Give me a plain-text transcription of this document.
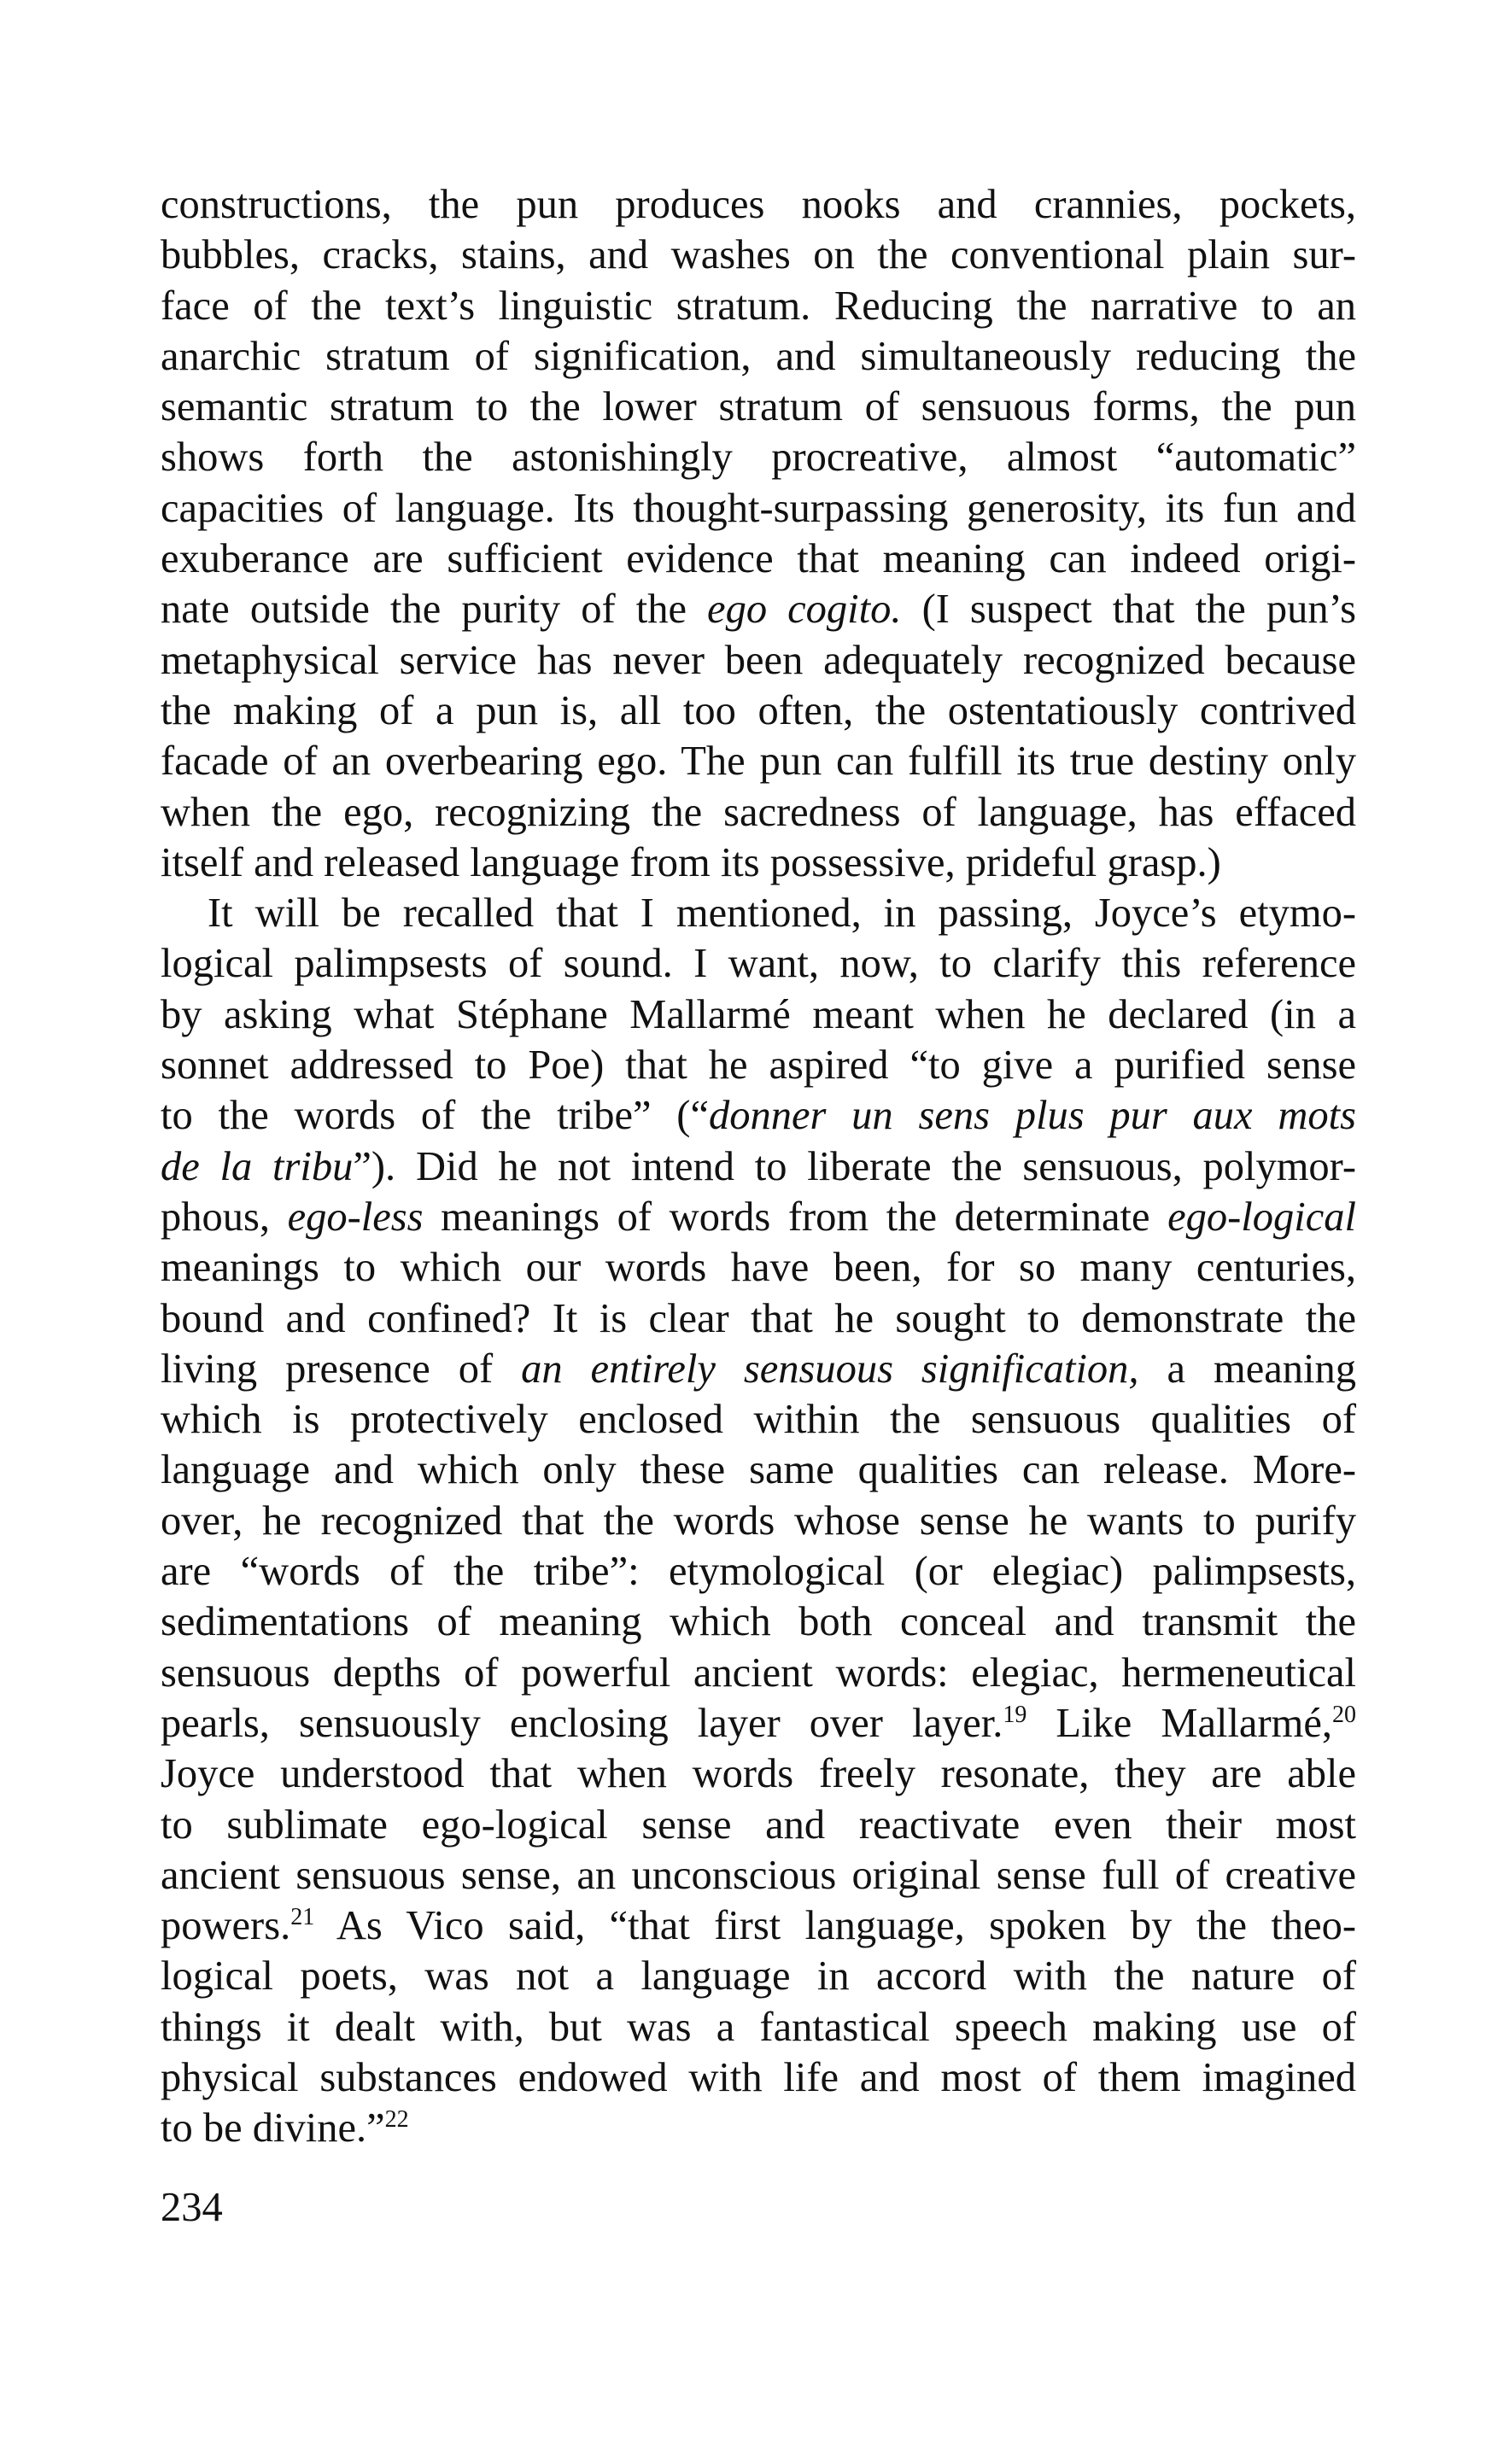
constructions, the pun produces nooks and crannies, pockets,
bubbles, cracks, stains, and washes on the conventional plain sur-
face of the text’s linguistic stratum. Reducing the narrative to an
anarchic stratum of signification, and simultaneously reducing the
semantic stratum to the lower stratum of sensuous forms, the pun
shows forth the astonishingly procreative, almost “automatic”
capacities of language. Its thought-surpassing generosity, its fun and
exuberance are sufficient evidence that meaning can indeed origi-
nate outside the purity of the ego cogito. (I suspect that the pun’s
metaphysical service has never been adequately recognized because
the making of a pun is, all too often, the ostentatiously contrived
facade of an overbearing ego. The pun can fulfill its true destiny only
when the ego, recognizing the sacredness of language, has effaced
itself and released language from its possessive, prideful grasp.)
It will be recalled that I mentioned, in passing, Joyce’s etymo-
logical palimpsests of sound. I want, now, to clarify this reference
by asking what Stéphane Mallarmé meant when he declared (in a
sonnet addressed to Poe) that he aspired “to give a purified sense
to the words of the tribe” (“donner un sens plus pur aux mots
de la tribu”). Did he not intend to liberate the sensuous, polymor-
phous, ego-less meanings of words from the determinate ego-logical
meanings to which our words have been, for so many centuries,
bound and confined? It is clear that he sought to demonstrate the
living presence of an entirely sensuous signification, a meaning
which is protectively enclosed within the sensuous qualities of
language and which only these same qualities can release. More-
over, he recognized that the words whose sense he wants to purify
are “words of the tribe”: etymological (or elegiac) palimpsests,
sedimentations of meaning which both conceal and transmit the
sensuous depths of powerful ancient words: elegiac, hermeneutical
pearls, sensuously enclosing layer over layer.$^{19}$ Like Mallarmé,$^{20}$
Joyce understood that when words freely resonate, they are able
to sublimate ego-logical sense and reactivate even their most
ancient sensuous sense, an unconscious original sense full of creative
powers.$^{21}$ As Vico said, “that first language, spoken by the theo-
logical poets, was not a language in accord with the nature of
things it dealt with, but was a fantastical speech making use of
physical substances endowed with life and most of them imagined
to be divine.”$^{22}$
234
